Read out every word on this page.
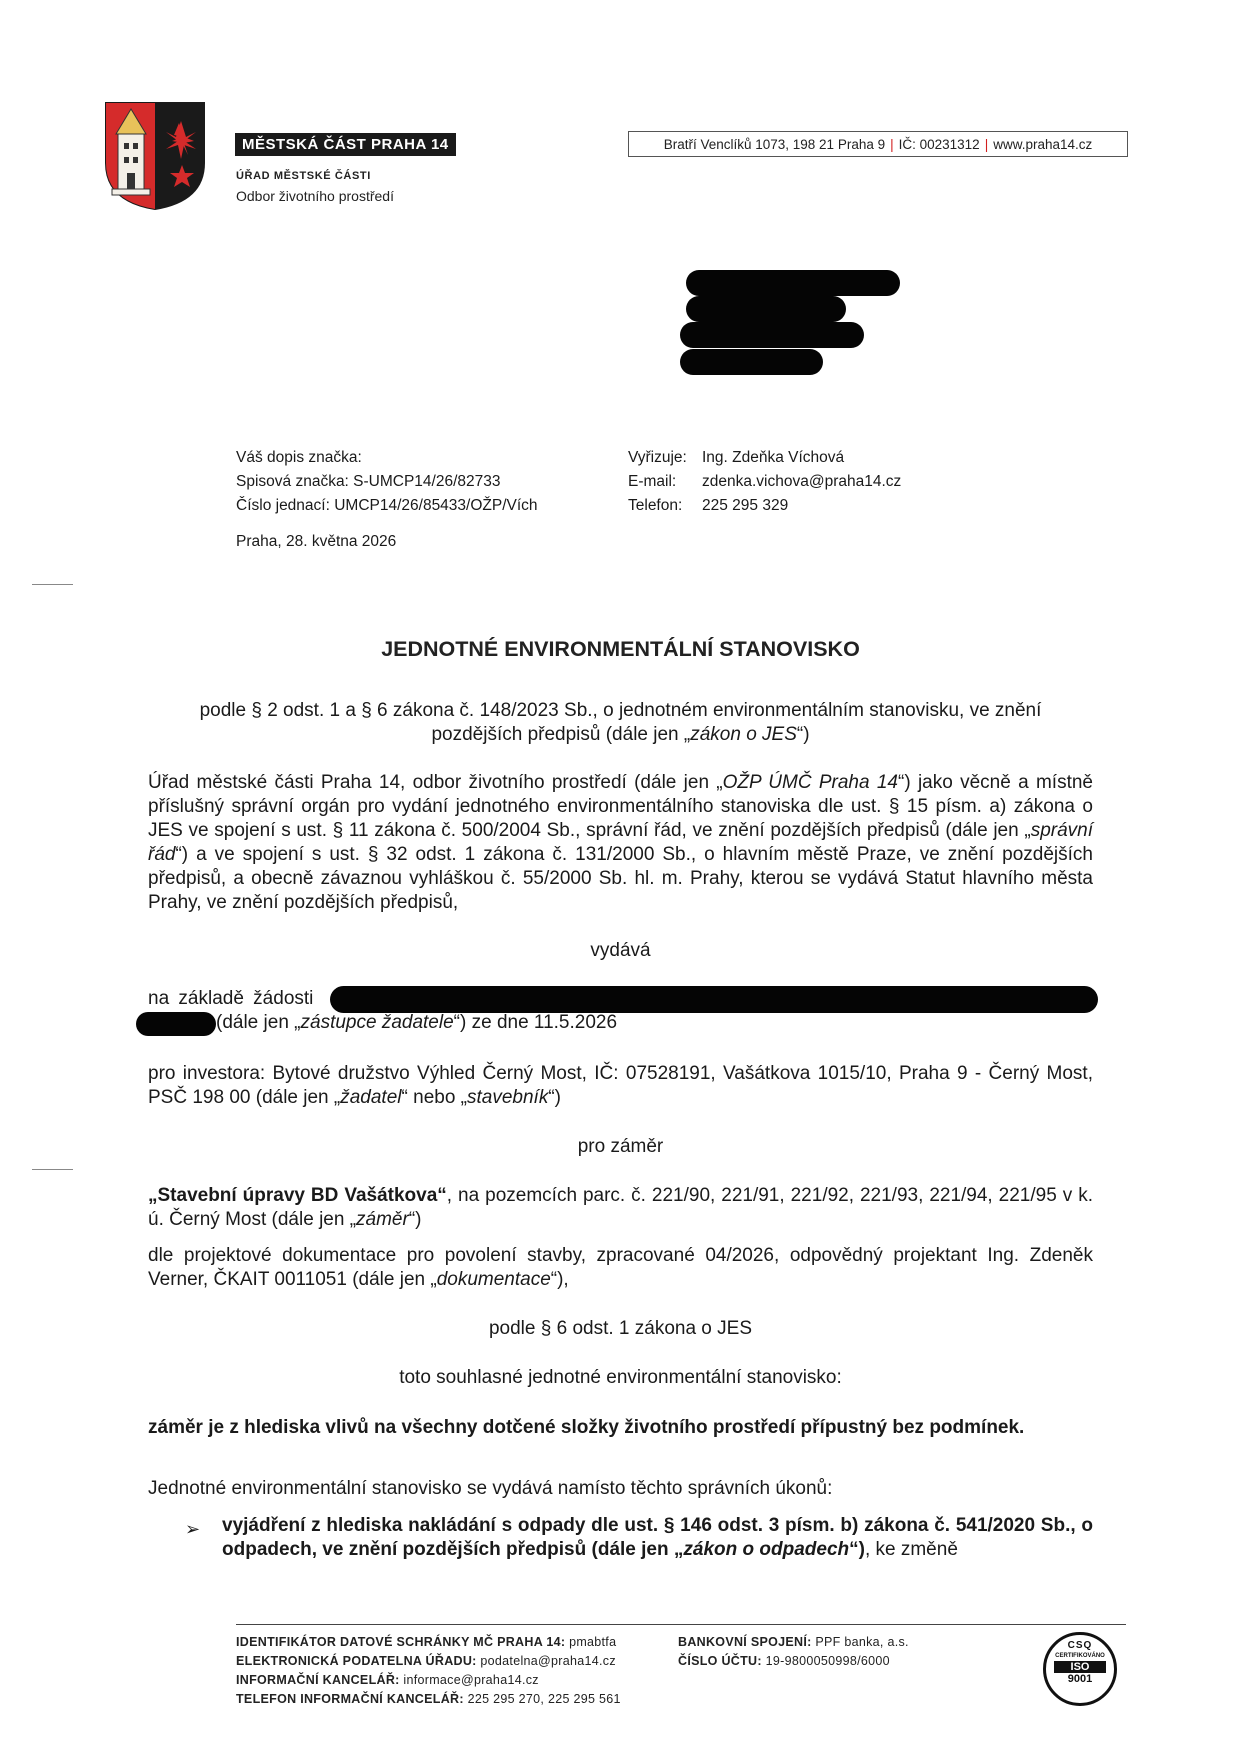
MĚSTSKÁ ČÁST PRAHA 14
ÚŘAD MĚSTSKÉ ČÁSTI
Odbor životního prostředí
Bratří Venclíků 1073, 198 21 Praha 9 | IČ: 00231312 | www.praha14.cz
Váš dopis značka:
Spisová značka: S-UMCP14/26/82733
Číslo jednací: UMCP14/26/85433/OŽP/Vích
Vyřizuje:
E-mail:
Telefon:
Ing. Zdeňka Víchová
zdenka.vichova@praha14.cz
225 295 329
Praha, 28. května 2026
JEDNOTNÉ ENVIRONMENTÁLNÍ STANOVISKO
podle § 2 odst. 1 a § 6 zákona č. 148/2023 Sb., o jednotném environmentálním stanovisku, ve znění pozdějších předpisů (dále jen „zákon o JES“)
Úřad městské části Praha 14, odbor životního prostředí (dále jen „OŽP ÚMČ Praha 14“) jako věcně a místně příslušný správní orgán pro vydání jednotného environmentálního stanoviska dle ust. § 15 písm. a) zákona o JES ve spojení s ust. § 11 zákona č. 500/2004 Sb., správní řád, ve znění pozdějších předpisů (dále jen „správní řád“) a ve spojení s ust. § 32 odst. 1 zákona č. 131/2000 Sb., o hlavním městě Praze, ve znění pozdějších předpisů, a obecně závaznou vyhláškou č. 55/2000 Sb. hl. m. Prahy, kterou se vydává Statut hlavního města Prahy, ve znění pozdějších předpisů,
vydává
na základě žádosti
(dále jen „zástupce žadatele“) ze dne 11.5.2026
pro investora: Bytové družstvo Výhled Černý Most, IČ: 07528191, Vašátkova 1015/10, Praha 9 - Černý Most, PSČ 198 00 (dále jen „žadatel“ nebo „stavebník“)
pro záměr
„Stavební úpravy BD Vašátkova“, na pozemcích parc. č. 221/90, 221/91, 221/92, 221/93, 221/94, 221/95 v k. ú. Černý Most (dále jen „záměr“)
dle projektové dokumentace pro povolení stavby, zpracované 04/2026, odpovědný projektant Ing. Zdeněk Verner, ČKAIT 0011051 (dále jen „dokumentace“),
podle § 6 odst. 1 zákona o JES
toto souhlasné jednotné environmentální stanovisko:
záměr je z hlediska vlivů na všechny dotčené složky životního prostředí přípustný bez podmínek.
Jednotné environmentální stanovisko se vydává namísto těchto správních úkonů:
➢ vyjádření z hlediska nakládání s odpady dle ust. § 146 odst. 3 písm. b) zákona č. 541/2020 Sb., o odpadech, ve znění pozdějších předpisů (dále jen „zákon o odpadech“), ke změně
IDENTIFIKÁTOR DATOVÉ SCHRÁNKY MČ PRAHA 14: pmabtfa
ELEKTRONICKÁ PODATELNA ÚŘADU: podatelna@praha14.cz
INFORMAČNÍ KANCELÁŘ: informace@praha14.cz
TELEFON INFORMAČNÍ KANCELÁŘ: 225 295 270, 225 295 561
BANKOVNÍ SPOJENÍ: PPF banka, a.s.
ČÍSLO ÚČTU: 19-9800050998/6000
CSQ
CERTIFIKOVÁNO
ISO
9001
